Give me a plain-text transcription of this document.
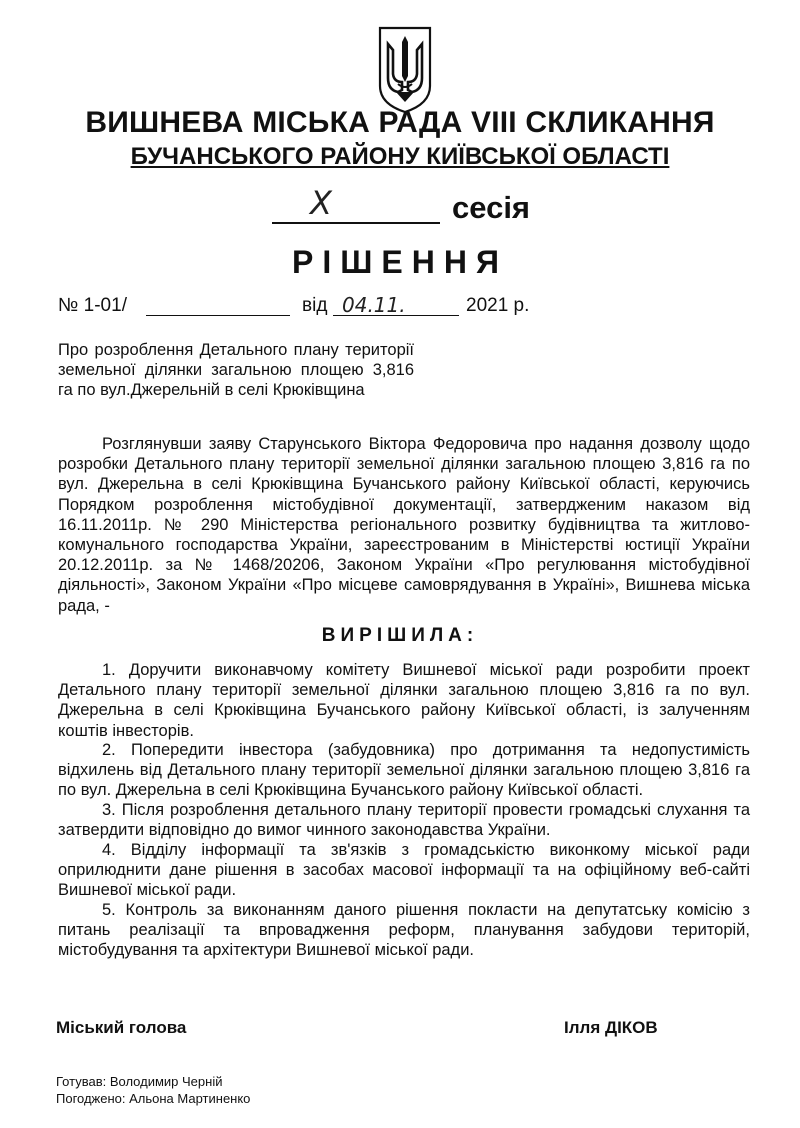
ВИШНЕВА МІСЬКА РАДА VIII СКЛИКАННЯ
БУЧАНСЬКОГО РАЙОНУ КИЇВСЬКОЇ ОБЛАСТІ
X	сесія
РІШЕННЯ
№ 1-01/	від 04.11.	2021 р.
Про розроблення Детального плану території земельної ділянки загальною площею 3,816 га по вул.Джерельній в селі Крюківщина

Розглянувши заяву Старунського Віктора Федоровича про надання дозволу щодо розробки Детального плану території земельної ділянки загальною площею 3,816 га по вул. Джерельна в селі Крюківщина Бучанського району Київської області, керуючись Порядком розроблення містобудівної документації, затвердженим наказом від 16.11.2011р. № 290 Міністерства регіонального розвитку будівництва та житлово-комунального господарства України, зареєстрованим в Міністерстві юстиції України 20.12.2011р. за № 1468/20206, Законом України «Про регулювання містобудівної діяльності», Законом України «Про місцеве самоврядування в Україні», Вишнева міська рада, -

ВИРІШИЛА:

1. Доручити виконавчому комітету Вишневої міської ради розробити проект Детального плану території земельної ділянки загальною площею 3,816 га по вул. Джерельна в селі Крюківщина Бучанського району Київської області, із залученням коштів інвесторів.

2. Попередити інвестора (забудовника) про дотримання та недопустимість відхилень від Детального плану території земельної ділянки загальною площею 3,816 га по вул. Джерельна в селі Крюківщина Бучанського району Київської області.

3. Після розроблення детального плану території провести громадські слухання та затвердити відповідно до вимог чинного законодавства України.

4. Відділу інформації та зв'язків з громадськістю виконкому міської ради оприлюднити дане рішення в засобах масової інформації та на офіційному веб-сайті Вишневої міської ради.

5. Контроль за виконанням даного рішення покласти на депутатську комісію з питань реалізації та впровадження реформ, планування забудови територій, містобудування та архітектури Вишневої міської ради.

Міський голова	Ілля ДІКОВ
Готував: Володимир Черній
Погоджено: Альона Мартиненко
